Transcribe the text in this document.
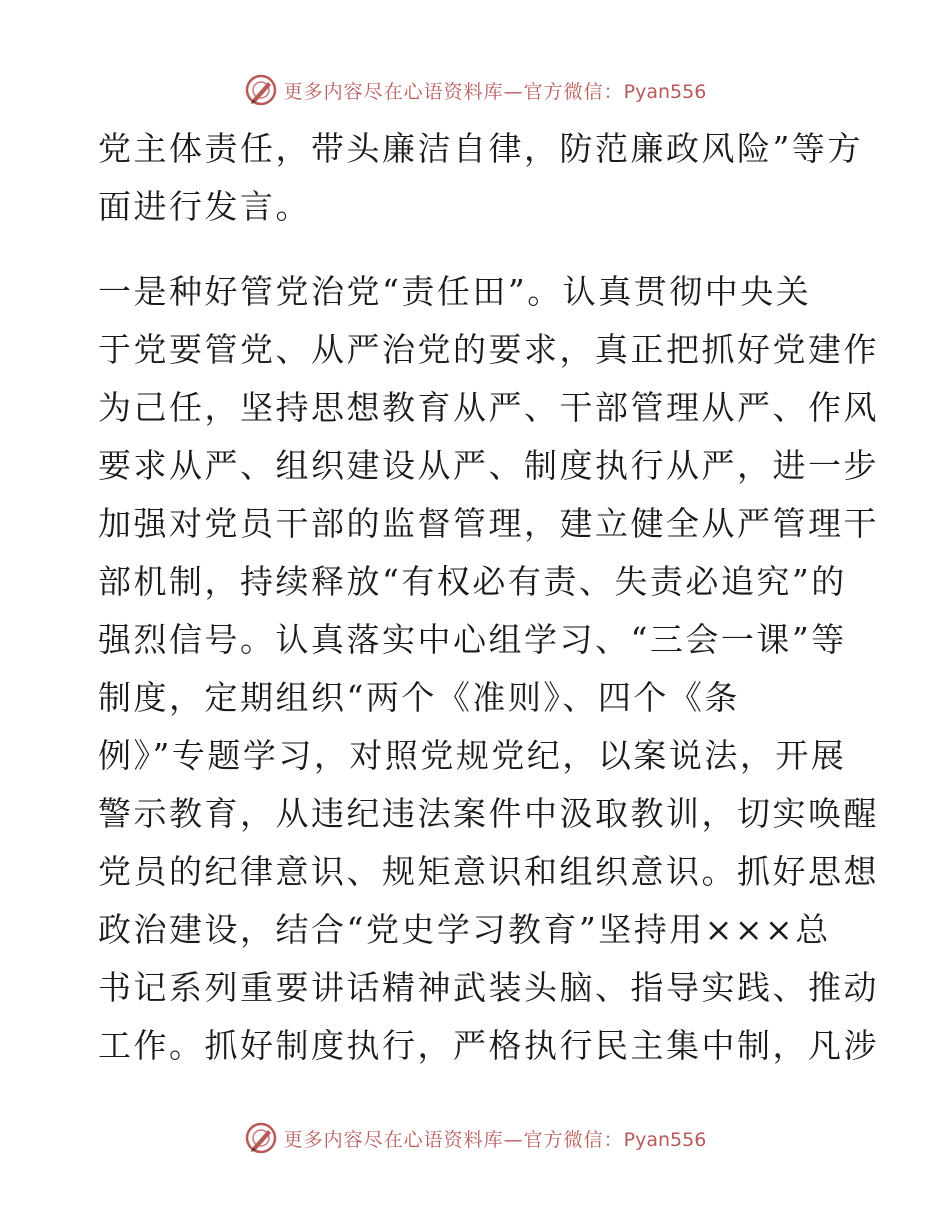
更多内容尽在心语资料库—官方微信：Pyan556
党主体责任，带头廉洁自律，防范廉政风险”等方
面进行发言。
一是种好管党治党“责任田”。认真贯彻中央关
于党要管党、从严治党的要求，真正把抓好党建作
为己任，坚持思想教育从严、干部管理从严、作风
要求从严、组织建设从严、制度执行从严，进一步
加强对党员干部的监督管理，建立健全从严管理干
部机制，持续释放“有权必有责、失责必追究”的
强烈信号。认真落实中心组学习、“三会一课”等
制度，定期组织“两个《准则》、四个《条
例》”专题学习，对照党规党纪，以案说法，开展
警示教育，从违纪违法案件中汲取教训，切实唤醒
党员的纪律意识、规矩意识和组织意识。抓好思想
政治建设，结合“党史学习教育”坚持用×××总
书记系列重要讲话精神武装头脑、指导实践、推动
工作。抓好制度执行，严格执行民主集中制，凡涉
更多内容尽在心语资料库—官方微信：Pyan556
